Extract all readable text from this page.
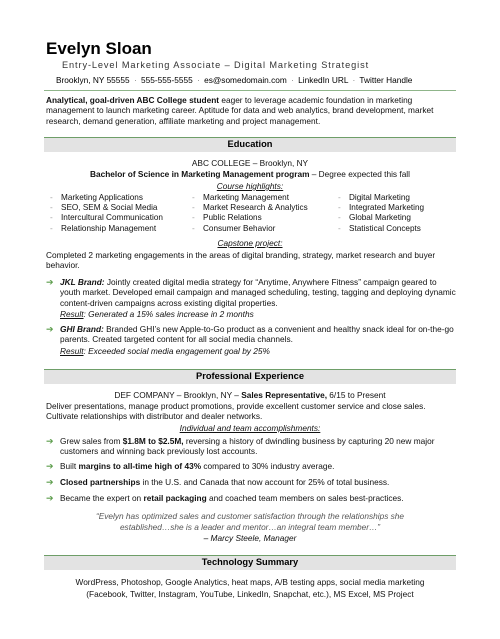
Evelyn Sloan
Entry-Level Marketing Associate – Digital Marketing Strategist
Brooklyn, NY 55555 · 555-555-5555 · es@somedomain.com · LinkedIn URL · Twitter Handle
Analytical, goal-driven ABC College student eager to leverage academic foundation in marketing management to launch marketing career. Aptitude for data and web analytics, brand development, market research, demand generation, affiliate marketing and project management.
Education
ABC COLLEGE – Brooklyn, NY
Bachelor of Science in Marketing Management program – Degree expected this fall
Course highlights:
- Marketing Applications
- SEO, SEM & Social Media
- Intercultural Communication
- Relationship Management
- Marketing Management
- Market Research & Analytics
- Public Relations
- Consumer Behavior
- Digital Marketing
- Integrated Marketing
- Global Marketing
- Statistical Concepts
Capstone project:
Completed 2 marketing engagements in the areas of digital branding, strategy, market research and buyer behavior.
➔ JKL Brand: Jointly created digital media strategy for “Anytime, Anywhere Fitness” campaign geared to youth market. Developed email campaign and managed scheduling, testing, tagging and deploying dynamic content-driven campaigns across existing digital properties.
Result: Generated a 15% sales increase in 2 months
➔ GHI Brand: Branded GHI’s new Apple-to-Go product as a convenient and healthy snack ideal for on-the-go parents. Created targeted content for all social media channels.
Result: Exceeded social media engagement goal by 25%
Professional Experience
DEF COMPANY – Brooklyn, NY – Sales Representative, 6/15 to Present
Deliver presentations, manage product promotions, provide excellent customer service and close sales. Cultivate relationships with distributor and dealer networks.
Individual and team accomplishments:
➔ Grew sales from $1.8M to $2.5M, reversing a history of dwindling business by capturing 20 new major customers and winning back previously lost accounts.
➔ Built margins to all-time high of 43% compared to 30% industry average.
➔ Closed partnerships in the U.S. and Canada that now account for 25% of total business.
➔ Became the expert on retail packaging and coached team members on sales best-practices.
“Evelyn has optimized sales and customer satisfaction through the relationships she
established…she is a leader and mentor…an integral team member…”
– Marcy Steele, Manager
Technology Summary
WordPress, Photoshop, Google Analytics, heat maps, A/B testing apps, social media marketing
(Facebook, Twitter, Instagram, YouTube, LinkedIn, Snapchat, etc.), MS Excel, MS Project
